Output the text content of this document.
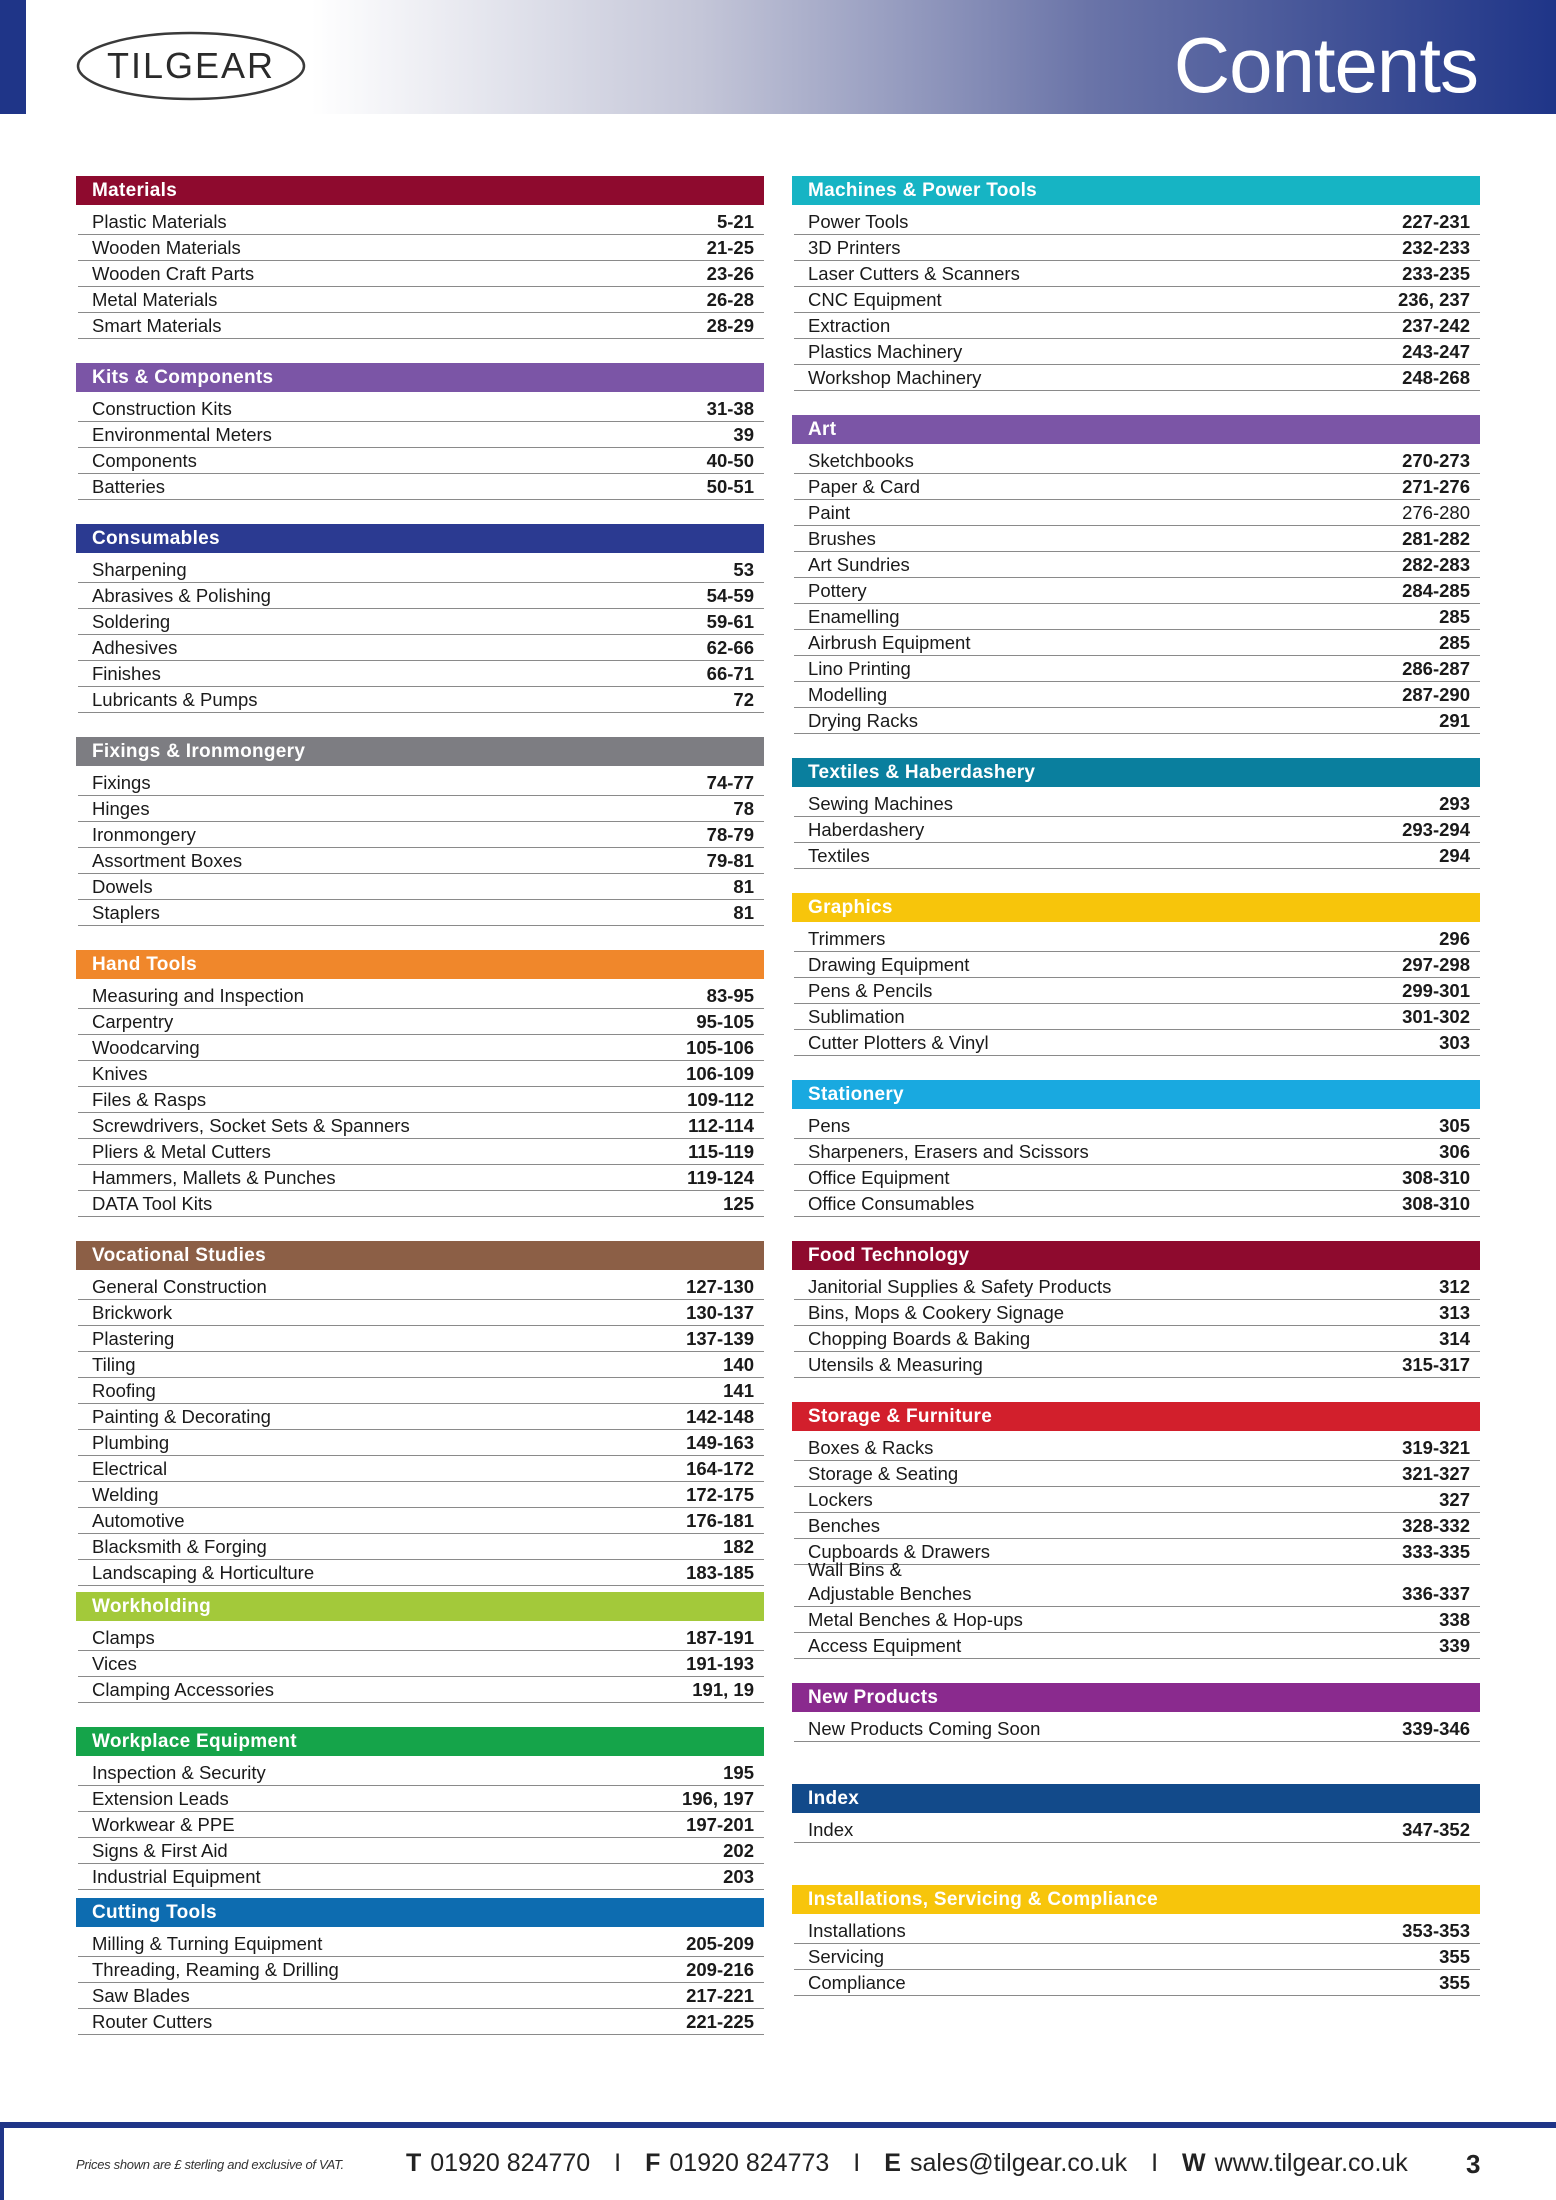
TILGEAR	Contents
Materials
Plastic Materials	5-21
Wooden Materials	21-25
Wooden Craft Parts	23-26
Metal Materials	26-28
Smart Materials	28-29
Kits & Components
Construction Kits	31-38
Environmental Meters	39
Components	40-50
Batteries	50-51
Consumables
Sharpening	53
Abrasives & Polishing	54-59
Soldering	59-61
Adhesives	62-66
Finishes	66-71
Lubricants & Pumps	72
Fixings & Ironmongery
Fixings	74-77
Hinges	78
Ironmongery	78-79
Assortment Boxes	79-81
Dowels	81
Staplers	81
Hand Tools
Measuring and Inspection	83-95
Carpentry	95-105
Woodcarving	105-106
Knives	106-109
Files & Rasps	109-112
Screwdrivers, Socket Sets & Spanners	112-114
Pliers & Metal Cutters	115-119
Hammers, Mallets & Punches	119-124
DATA Tool Kits	125
Vocational Studies
General Construction	127-130
Brickwork	130-137
Plastering	137-139
Tiling	140
Roofing	141
Painting & Decorating	142-148
Plumbing	149-163
Electrical	164-172
Welding	172-175
Automotive	176-181
Blacksmith & Forging	182
Landscaping & Horticulture	183-185
Workholding
Clamps	187-191
Vices	191-193
Clamping Accessories	191, 19
Workplace Equipment
Inspection & Security	195
Extension Leads	196, 197
Workwear & PPE	197-201
Signs & First Aid	202
Industrial Equipment	203
Cutting Tools
Milling & Turning Equipment	205-209
Threading, Reaming & Drilling	209-216
Saw Blades	217-221
Router Cutters	221-225
Machines & Power Tools
Power Tools	227-231
3D Printers	232-233
Laser Cutters & Scanners	233-235
CNC Equipment	236, 237
Extraction	237-242
Plastics Machinery	243-247
Workshop Machinery	248-268
Art
Sketchbooks	270-273
Paper & Card	271-276
Paint	276-280
Brushes	281-282
Art Sundries	282-283
Pottery	284-285
Enamelling	285
Airbrush Equipment	285
Lino Printing	286-287
Modelling	287-290
Drying Racks	291
Textiles & Haberdashery
Sewing Machines	293
Haberdashery	293-294
Textiles	294
Graphics
Trimmers	296
Drawing Equipment	297-298
Pens & Pencils	299-301
Sublimation	301-302
Cutter Plotters & Vinyl	303
Stationery
Pens	305
Sharpeners, Erasers and Scissors	306
Office Equipment	308-310
Office Consumables	308-310
Food Technology
Janitorial Supplies & Safety Products	312
Bins, Mops & Cookery Signage	313
Chopping Boards & Baking	314
Utensils & Measuring	315-317
Storage & Furniture
Boxes & Racks	319-321
Storage & Seating	321-327
Lockers	327
Benches	328-332
Cupboards & Drawers	333-335
Wall Bins &
Adjustable Benches	336-337
Metal Benches & Hop-ups	338
Access Equipment	339
New Products
New Products Coming Soon	339-346
Index
Index	347-352
Installations, Servicing & Compliance
Installations	353-353
Servicing	355
Compliance	355
Prices shown are £ sterling and exclusive of VAT. T 01920 824770 I F 01920 824773 I E sales@tilgear.co.uk I W www.tilgear.co.uk 3
